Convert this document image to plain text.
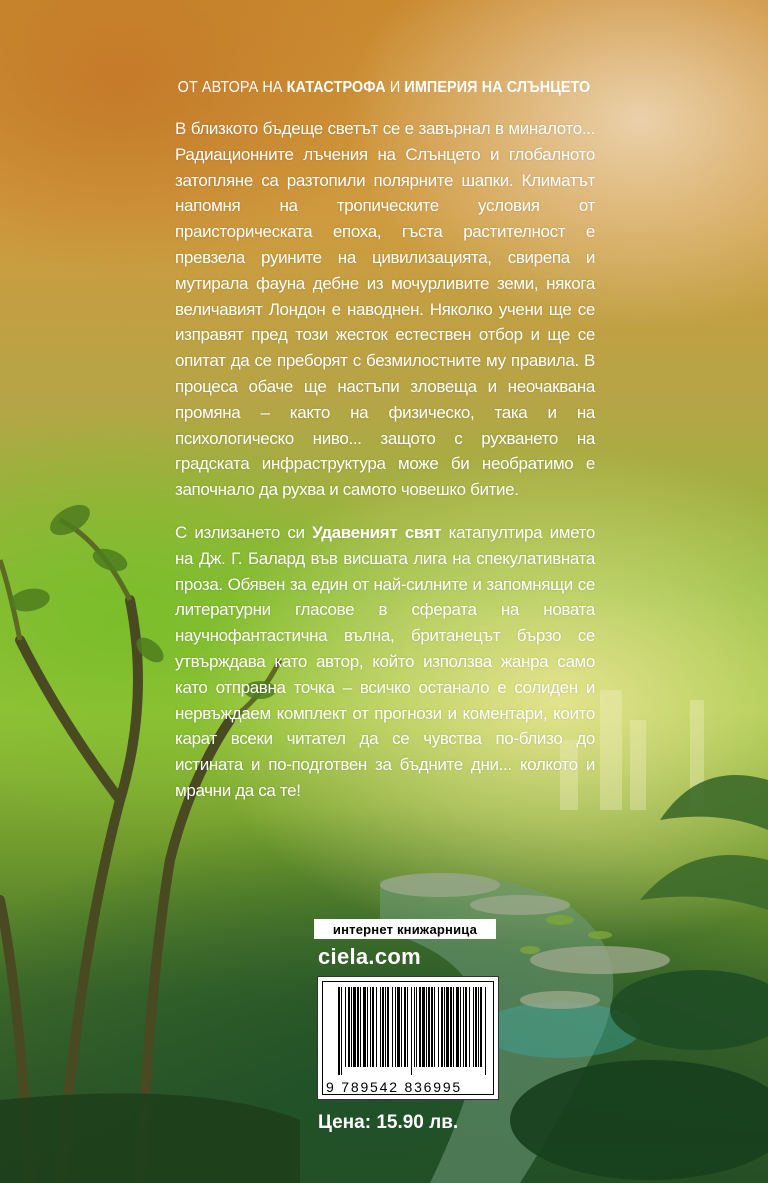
ОТ АВТОРА НА КАТАСТРОФА И ИМПЕРИЯ НА СЛЪНЦЕТО

В близкото бъдеще светът се е завърнал в миналото... Радиационните лъчения на Слънцето и глобалното затопляне са разтопили полярните шапки. Климатът напомня на тропическите условия от праисторическата епоха, гъста растителност е превзела руините на цивилизацията, свирепа и мутирала фауна дебне из мочурливите земи, някога величавият Лондон е наводнен. Няколко учени ще се изправят пред този жесток естествен отбор и ще се опитат да се преборят с безмилостните му правила. В процеса обаче ще настъпи зловеща и неочаквана промяна – както на физическо, така и на психологическо ниво... защото с рухването на градската инфраструктура може би необратимо е започнало да рухва и самото човешко битие.

С излизането си Удавеният свят катапултира името на Дж. Г. Балард във висшата лига на спекулативната проза. Обявен за един от най-силните и запомнящи се литературни гласове в сферата на новата научнофантастична вълна, британецът бързо се утвърждава като автор, който използва жанра само като отправна точка – всичко останало е солиден и нервъждаем комплект от прогнози и коментари, които карат всеки читател да се чувства по-близо до истината и по-подготвен за бъдните дни... колкото и мрачни да са те!

интернет книжарница
ciela.com
9 789542 836995
Цена: 15.90 лв.
